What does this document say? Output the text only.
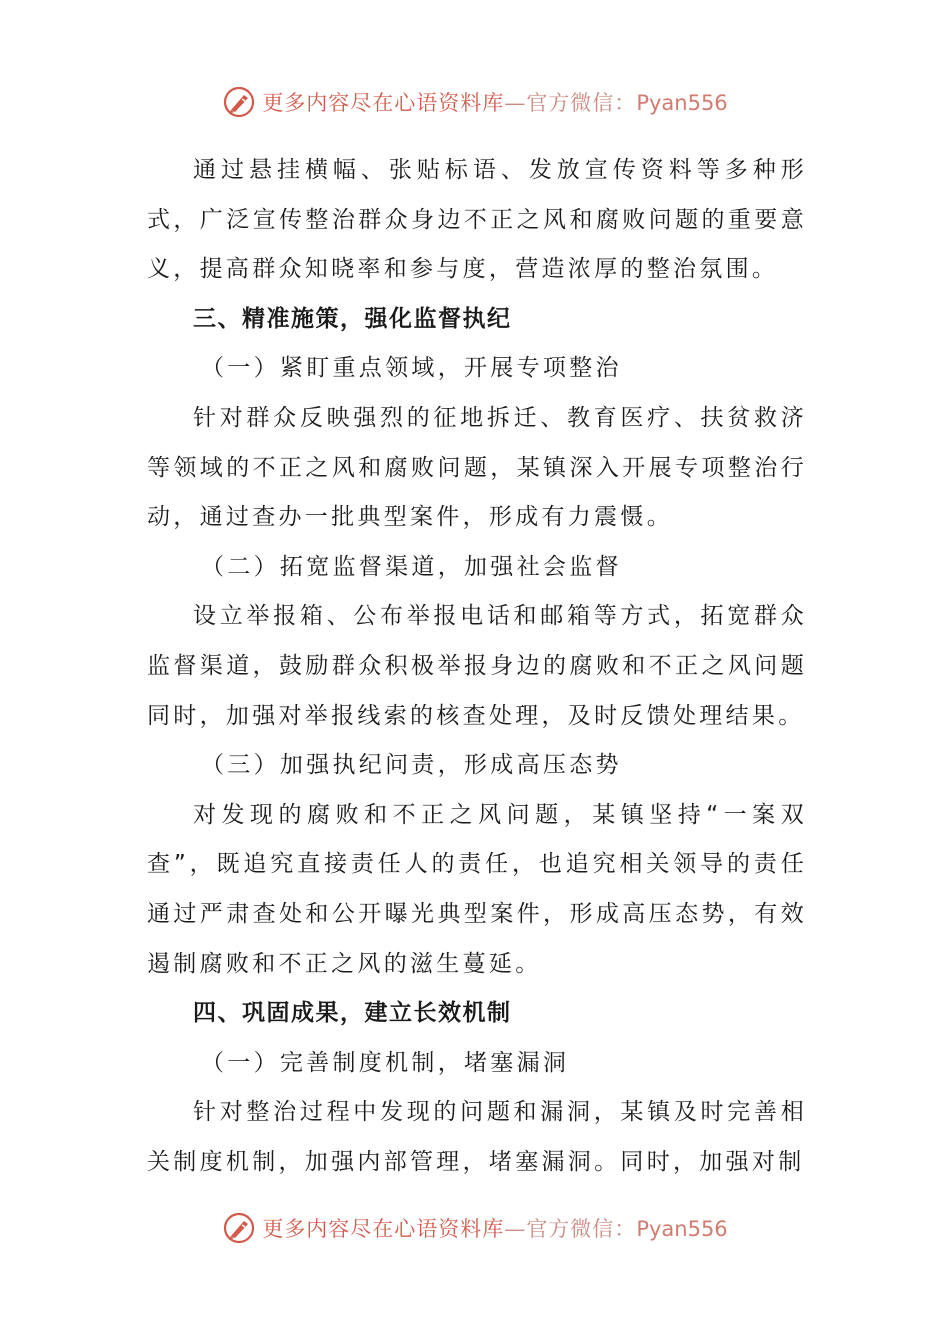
更多内容尽在心语资料库—官方微信：Pyan556

通过悬挂横幅、张贴标语、发放宣传资料等多种形式，广泛宣传整治群众身边不正之风和腐败问题的重要意义，提高群众知晓率和参与度，营造浓厚的整治氛围。

三、精准施策，强化监督执纪

（一）紧盯重点领域，开展专项整治

针对群众反映强烈的征地拆迁、教育医疗、扶贫救济等领域的不正之风和腐败问题，某镇深入开展专项整治行动，通过查办一批典型案件，形成有力震慑。

（二）拓宽监督渠道，加强社会监督

设立举报箱、公布举报电话和邮箱等方式，拓宽群众监督渠道，鼓励群众积极举报身边的腐败和不正之风问题同时，加强对举报线索的核查处理，及时反馈处理结果。

（三）加强执纪问责，形成高压态势

对发现的腐败和不正之风问题，某镇坚持“一案双查”，既追究直接责任人的责任，也追究相关领导的责任通过严肃查处和公开曝光典型案件，形成高压态势，有效遏制腐败和不正之风的滋生蔓延。

四、巩固成果，建立长效机制

（一）完善制度机制，堵塞漏洞

针对整治过程中发现的问题和漏洞，某镇及时完善相关制度机制，加强内部管理，堵塞漏洞。同时，加强对制

更多内容尽在心语资料库—官方微信：Pyan556
